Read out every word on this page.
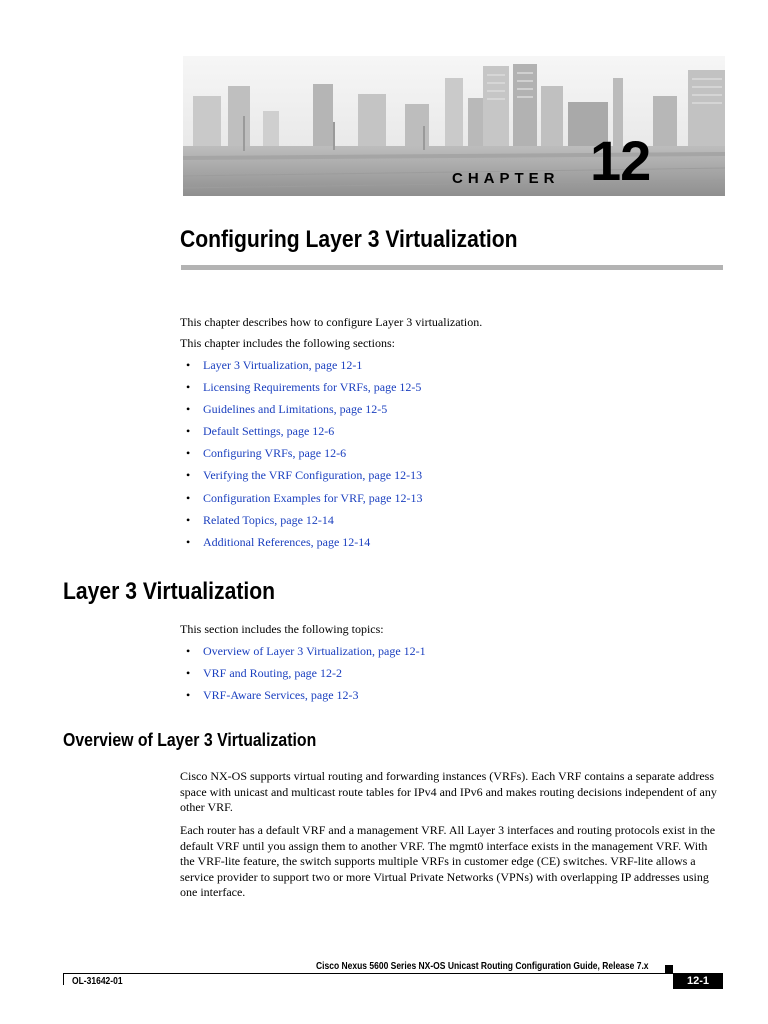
CHAPTER 12
Configuring Layer 3 Virtualization

This chapter describes how to configure Layer 3 virtualization.

This chapter includes the following sections:

• Layer 3 Virtualization, page 12-1
• Licensing Requirements for VRFs, page 12-5
• Guidelines and Limitations, page 12-5
• Default Settings, page 12-6
• Configuring VRFs, page 12-6
• Verifying the VRF Configuration, page 12-13
• Configuration Examples for VRF, page 12-13
• Related Topics, page 12-14
• Additional References, page 12-14
Layer 3 Virtualization

This section includes the following topics:

• Overview of Layer 3 Virtualization, page 12-1
• VRF and Routing, page 12-2
• VRF-Aware Services, page 12-3
Overview of Layer 3 Virtualization

Cisco NX-OS supports virtual routing and forwarding instances (VRFs). Each VRF contains a separate address space with unicast and multicast route tables for IPv4 and IPv6 and makes routing decisions independent of any other VRF.

Each router has a default VRF and a management VRF. All Layer 3 interfaces and routing protocols exist in the default VRF until you assign them to another VRF. The mgmt0 interface exists in the management VRF. With the VRF-lite feature, the switch supports multiple VRFs in customer edge (CE) switches. VRF-lite allows a service provider to support two or more Virtual Private Networks (VPNs) with overlapping IP addresses using one interface.

Cisco Nexus 5600 Series NX-OS Unicast Routing Configuration Guide, Release 7.x
OL-31642-01	12-1
